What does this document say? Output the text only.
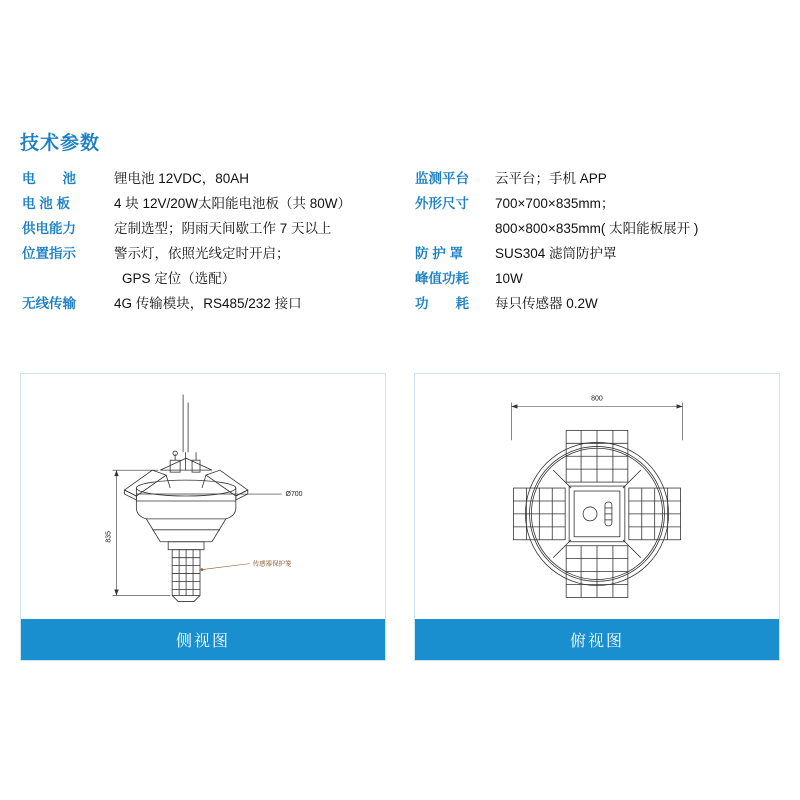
技术参数
电　　池	锂电池 12VDC，80AH
电 池 板	4 块 12V/20W太阳能电池板（共 80W）
供电能力	定制选型；阴雨天间歇工作 7 天以上
位置指示	警示灯，依照光线定时开启；
GPS 定位（选配）
无线传输	4G 传输模块，RS485/232 接口
监测平台	云平台；手机 APP
外形尺寸	700×700×835mm；
800×800×835mm( 太阳能板展开 )
防 护 罩	SUS304 滤筒防护罩
峰值功耗	10W
功　　耗	每只传感器 0.2W
835
Ø700
传感器保护笼
侧视图
800
俯视图
